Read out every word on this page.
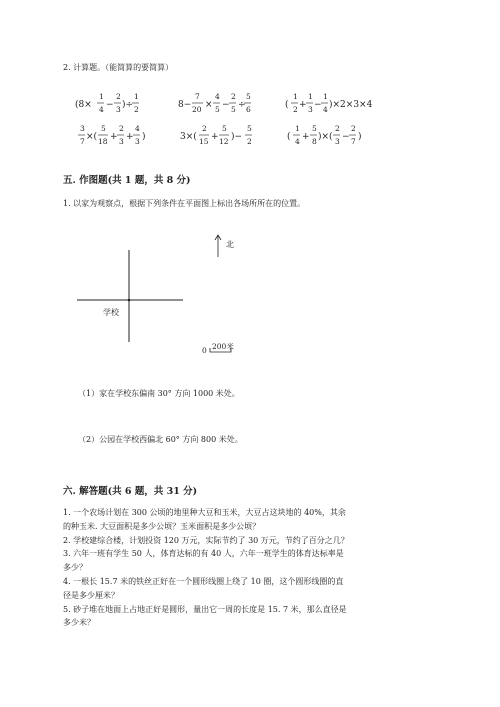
2. 计算题。（能简算的要简算）
(8×
1
4 −
2
3 )÷
1
2	8−
7
20 ×
4
5 −
2
5 ÷
5
6	(
1
2 +
1
3 −
1
4 )×2×3×4
3
7 ×(
5
18 +
2
3 +
4
3 )	3×(
2
15 +
5
12 )−
5
2	(
1
4 +
5
8 )×(
2
3 −
2
7 )
五. 作图题(共 1 题，共 8 分)
1. 以家为观察点，根据下列条件在平面图上标出各场所所在的位置。
学校
北
0 200米
（1）家在学校东偏南 30° 方向 1000 米处。
（2）公园在学校西偏北 60° 方向 800 米处。
六. 解答题(共 6 题，共 31 分)
1. 一个农场计划在 300 公顷的地里种大豆和玉米，大豆占这块地的 40%，其余
的种玉米. 大豆面积是多少公顷？玉米面积是多少公顷？
2. 学校建综合楼，计划投资 120 万元，实际节约了 30 万元，节约了百分之几？
3. 六年一班有学生 50 人，体育达标的有 40 人，六年一班学生的体育达标率是
多少？
4. 一根长 15.7 米的铁丝正好在一个圆形线圈上绕了 10 圈，这个圆形线圈的直
径是多少厘米？
5. 砂子堆在地面上占地正好是圆形，量出它一周的长度是 15. 7 米，那么直径是
多少米？
